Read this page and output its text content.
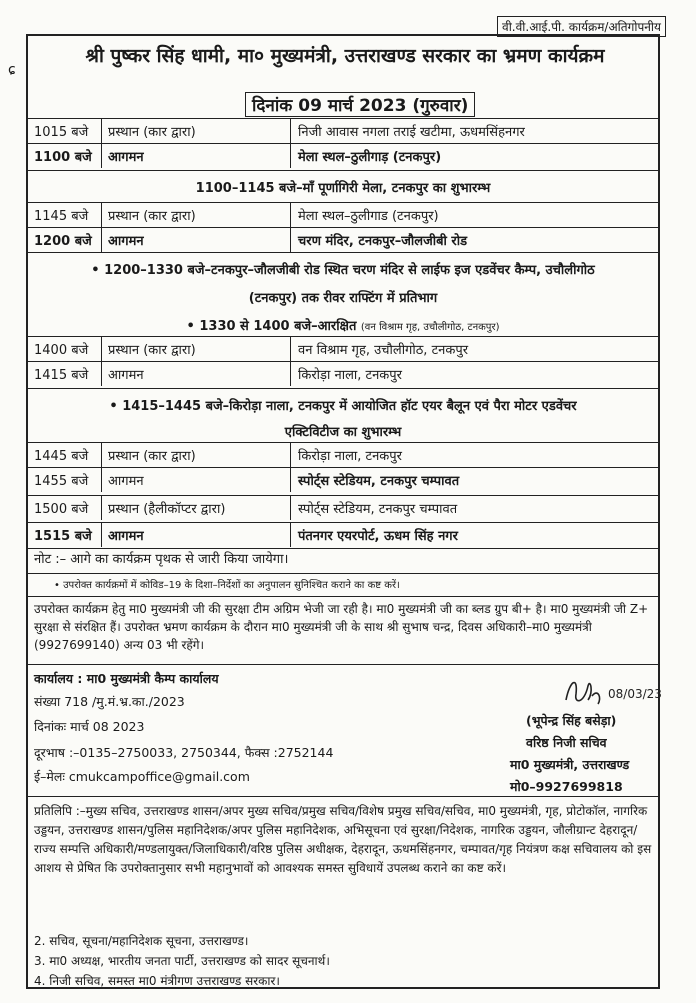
वी.वी.आई.पी. कार्यक्रम/अतिगोपनीय
ɕ
श्री पुष्कर सिंह धामी, मा० मुख्यमंत्री, उत्तराखण्ड सरकार का भ्रमण कार्यक्रम
दिनांक 09 मार्च 2023 (गुरुवार)
1015 बजे प्रस्थान (कार द्वारा)	निजी आवास नगला तराई खटीमा, ऊधमसिंहनगर
1100 बजे आगमन	मेला स्थल–ठुलीगाड़ (टनकपुर)
1100–1145 बजे–माँ पूर्णागिरी मेला, टनकपुर का शुभारम्भ
1145 बजे प्रस्थान (कार द्वारा)	मेला स्थल–ठुलीगाड (टनकपुर)
1200 बजे आगमन	चरण मंदिर, टनकपुर–जौलजीबी रोड
• 1200–1330 बजे–टनकपुर–जौलजीबी रोड स्थित चरण मंदिर से लाईफ इज एडवेंचर कैम्प, उचौलीगोठ
(टनकपुर) तक रीवर राफ्टिंग में प्रतिभाग
• 1330 से 1400 बजे–आरक्षित (वन विश्राम गृह, उचौलीगोठ, टनकपुर)
1400 बजे प्रस्थान (कार द्वारा)	वन विश्राम गृह, उचौलीगोठ, टनकपुर
1415 बजे आगमन	किरोड़ा नाला, टनकपुर
• 1415–1445 बजे–किरोड़ा नाला, टनकपुर में आयोजित हॉट एयर बैलून एवं पैरा मोटर एडवेंचर
एक्टिविटीज का शुभारम्भ
1445 बजे प्रस्थान (कार द्वारा)	किरोड़ा नाला, टनकपुर
1455 बजे आगमन	स्पोर्ट्स स्टेडियम, टनकपुर चम्पावत
1500 बजे प्रस्थान (हैलीकॉप्टर द्वारा)	स्पोर्ट्स स्टेडियम, टनकपुर चम्पावत
1515 बजे आगमन	पंतनगर एयरपोर्ट, ऊधम सिंह नगर
नोट :– आगे का कार्यक्रम पृथक से जारी किया जायेगा।
• उपरोक्त कार्यक्रमों में कोविड–19 के दिशा–निर्देशों का अनुपालन सुनिश्चित कराने का कष्ट करें।
उपरोक्त कार्यक्रम हेतु मा0 मुख्यमंत्री जी की सुरक्षा टीम अग्रिम भेजी जा रही है। मा0 मुख्यमंत्री जी का ब्लड ग्रुप बी+ है। मा0 मुख्यमंत्री जी Z+ सुरक्षा से संरक्षित हैं। उपरोक्त भ्रमण कार्यक्रम के दौरान मा0 मुख्यमंत्री जी के साथ श्री सुभाष चन्द्र, दिवस अधिकारी–मा0 मुख्यमंत्री (9927699140) अन्य 03 भी रहेंगे।
कार्यालय : मा0 मुख्यमंत्री कैम्प कार्यालय
संख्या 718 /मु.मं.भ्र.का./2023
दिनांकः मार्च 08 2023
दूरभाष :–0135–2750033, 2750344, फैक्स :2752144
ई–मेलः cmukcampoffice@gmail.com
08/03/23
(भूपेन्द्र सिंह बसेड़ा)
वरिष्ठ निजी सचिव
मा0 मुख्यमंत्री, उत्तराखण्ड
मो0–9927699818
प्रतिलिपि :–मुख्य सचिव, उत्तराखण्ड शासन/अपर मुख्य सचिव/प्रमुख सचिव/विशेष प्रमुख सचिव/सचिव, मा0 मुख्यमंत्री, गृह, प्रोटोकॉल, नागरिक उड्डयन, उत्तराखण्ड शासन/पुलिस महानिदेशक/अपर पुलिस महानिदेशक, अभिसूचना एवं सुरक्षा/निदेशक, नागरिक उड्डयन, जौलीग्रान्ट देहरादून/राज्य सम्पत्ति अधिकारी/मण्डलायुक्त/जिलाधिकारी/वरिष्ठ पुलिस अधीक्षक, देहरादून, ऊधमसिंहनगर, चम्पावत/गृह नियंत्रण कक्ष सचिवालय को इस आशय से प्रेषित कि उपरोक्तानुसार सभी महानुभावों को आवश्यक समस्त सुविधायें उपलब्ध कराने का कष्ट करें।
2. सचिव, सूचना/महानिदेशक सूचना, उत्तराखण्ड।
3. मा0 अध्यक्ष, भारतीय जनता पार्टी, उत्तराखण्ड को सादर सूचनार्थ।
4. निजी सचिव, समस्त मा0 मंत्रीगण उत्तराखण्ड सरकार।
